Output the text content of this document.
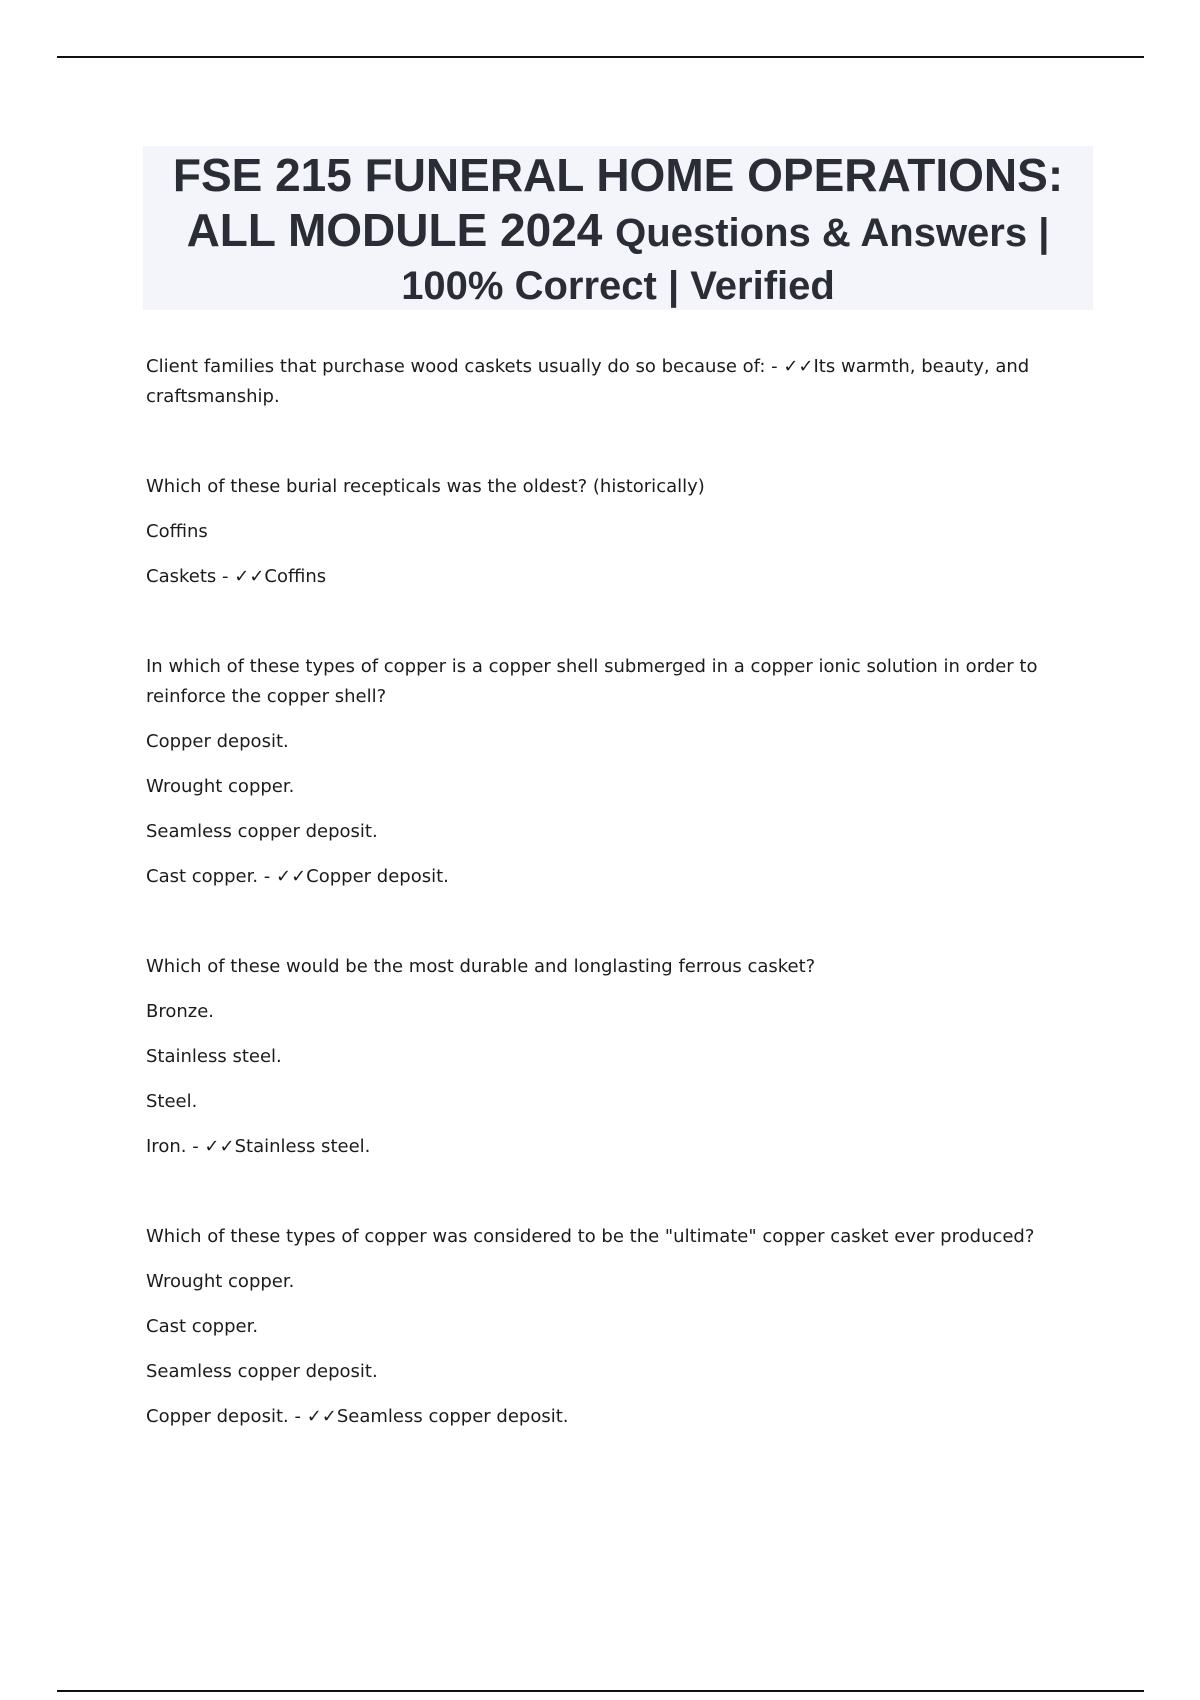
FSE 215 FUNERAL HOME OPERATIONS:
ALL MODULE 2024 Questions & Answers |
100% Correct | Verified

Client families that purchase wood caskets usually do so because of: - ✓✓Its warmth, beauty, and craftsmanship.

Which of these burial recepticals was the oldest? (historically)

Coffins

Caskets - ✓✓Coffins

In which of these types of copper is a copper shell submerged in a copper ionic solution in order to reinforce the copper shell?

Copper deposit.

Wrought copper.

Seamless copper deposit.

Cast copper. - ✓✓Copper deposit.

Which of these would be the most durable and longlasting ferrous casket?

Bronze.

Stainless steel.

Steel.

Iron. - ✓✓Stainless steel.

Which of these types of copper was considered to be the "ultimate" copper casket ever produced?

Wrought copper.

Cast copper.

Seamless copper deposit.

Copper deposit. - ✓✓Seamless copper deposit.
